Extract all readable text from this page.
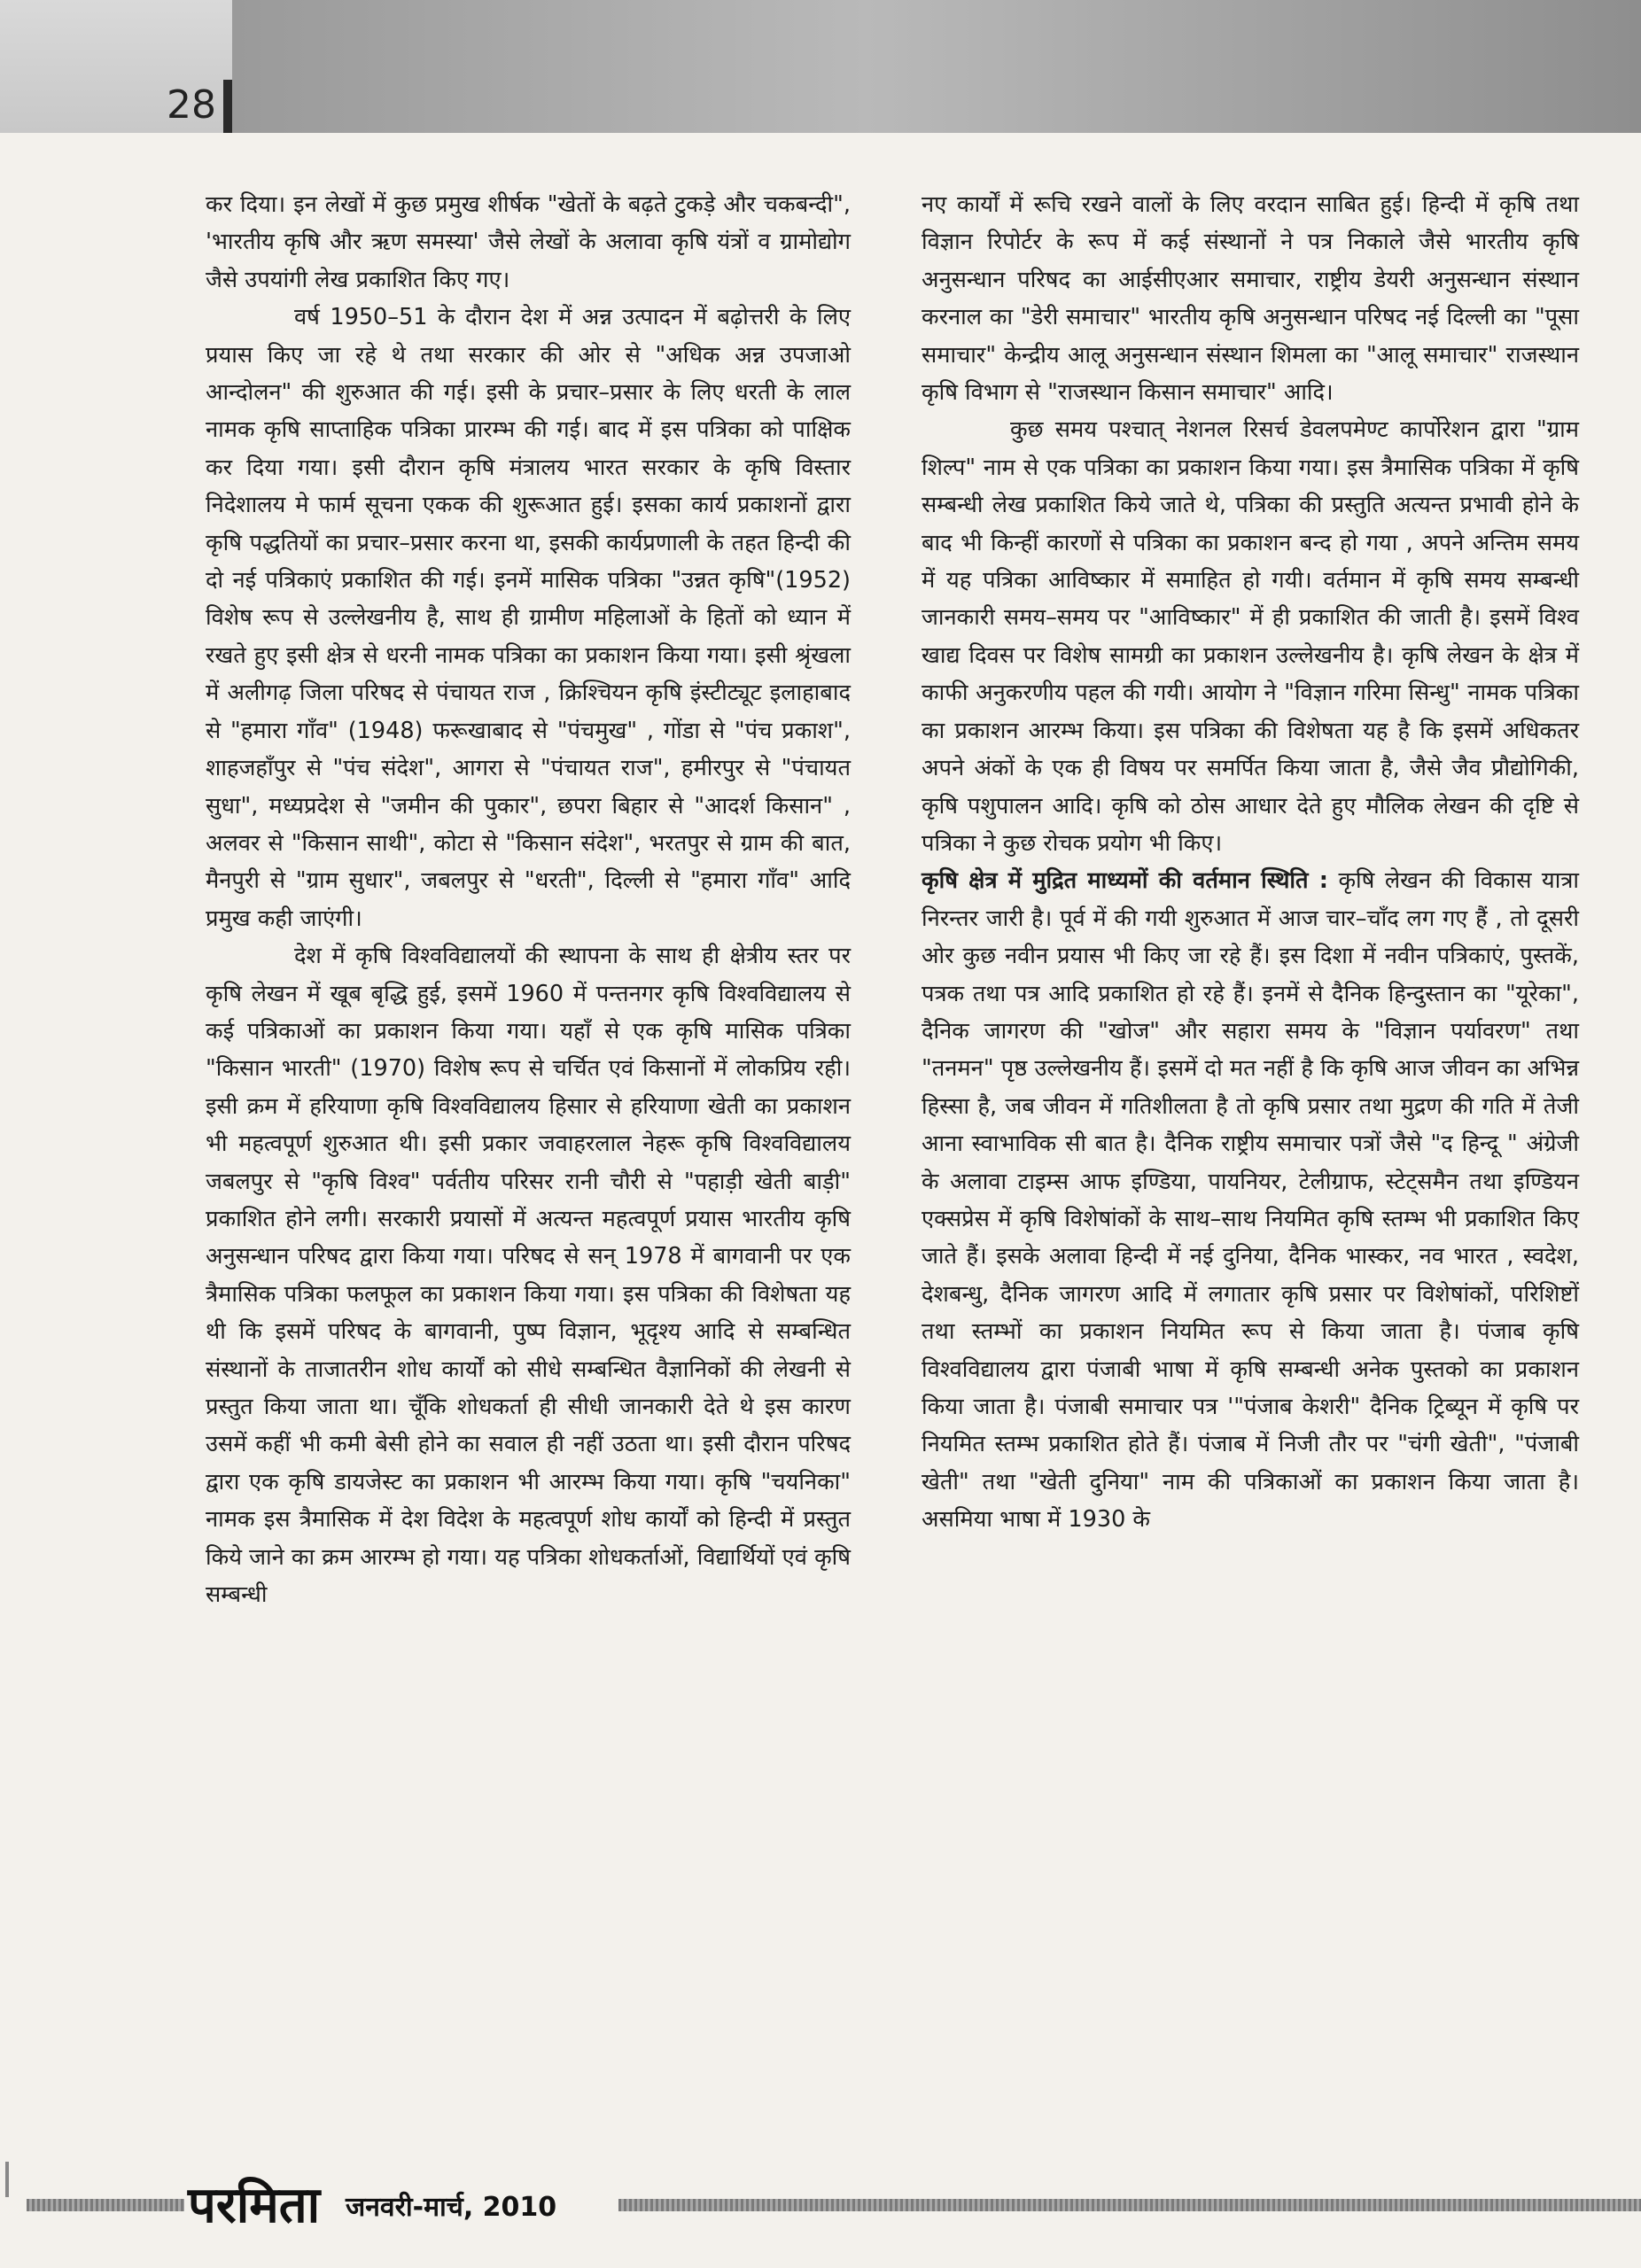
28

कर दिया। इन लेखों में कुछ प्रमुख शीर्षक "खेतों के बढ़ते टुकड़े और चकबन्दी", 'भारतीय कृषि और ऋण समस्या' जैसे लेखों के अलावा कृषि यंत्रों व ग्रामोद्योग जैसे उपयांगी लेख प्रकाशित किए गए।

वर्ष 1950–51 के दौरान देश में अन्न उत्पादन में बढ़ोत्तरी के लिए प्रयास किए जा रहे थे तथा सरकार की ओर से "अधिक अन्न उपजाओ आन्दोलन" की शुरुआत की गई। इसी के प्रचार–प्रसार के लिए धरती के लाल नामक कृषि साप्ताहिक पत्रिका प्रारम्भ की गई। बाद में इस पत्रिका को पाक्षिक कर दिया गया। इसी दौरान कृषि मंत्रालय भारत सरकार के कृषि विस्तार निदेशालय मे फार्म सूचना एकक की शुरूआत हुई। इसका कार्य प्रकाशनों द्वारा कृषि पद्धतियों का प्रचार–प्रसार करना था, इसकी कार्यप्रणाली के तहत हिन्दी की दो नई पत्रिकाएं प्रकाशित की गई। इनमें मासिक पत्रिका "उन्नत कृषि"(1952) विशेष रूप से उल्लेखनीय है, साथ ही ग्रामीण महिलाओं के हितों को ध्यान में रखते हुए इसी क्षेत्र से धरनी नामक पत्रिका का प्रकाशन किया गया। इसी श्रृंखला में अलीगढ़ जिला परिषद से पंचायत राज , क्रिश्चियन कृषि इंस्टीट्यूट इलाहाबाद से "हमारा गाँव" (1948) फरूखाबाद से "पंचमुख" , गोंडा से "पंच प्रकाश", शाहजहाँपुर से "पंच संदेश", आगरा से "पंचायत राज", हमीरपुर से "पंचायत सुधा", मध्यप्रदेश से "जमीन की पुकार", छपरा बिहार से "आदर्श किसान" , अलवर से "किसान साथी", कोटा से "किसान संदेश", भरतपुर से ग्राम की बात, मैनपुरी से "ग्राम सुधार", जबलपुर से "धरती", दिल्ली से "हमारा गाँव" आदि प्रमुख कही जाएंगी।

देश में कृषि विश्वविद्यालयों की स्थापना के साथ ही क्षेत्रीय स्तर पर कृषि लेखन में खूब बृद्धि हुई, इसमें 1960 में पन्तनगर कृषि विश्वविद्यालय से कई पत्रिकाओं का प्रकाशन किया गया। यहाँ से एक कृषि मासिक पत्रिका "किसान भारती" (1970) विशेष रूप से चर्चित एवं किसानों में लोकप्रिय रही। इसी क्रम में हरियाणा कृषि विश्वविद्यालय हिसार से हरियाणा खेती का प्रकाशन भी महत्वपूर्ण शुरुआत थी। इसी प्रकार जवाहरलाल नेहरू कृषि विश्वविद्यालय जबलपुर से "कृषि विश्व" पर्वतीय परिसर रानी चौरी से "पहाड़ी खेती बाड़ी" प्रकाशित होने लगी। सरकारी प्रयासों में अत्यन्त महत्वपूर्ण प्रयास भारतीय कृषि अनुसन्धान परिषद द्वारा किया गया। परिषद से सन् 1978 में बागवानी पर एक त्रैमासिक पत्रिका फलफूल का प्रकाशन किया गया। इस पत्रिका की विशेषता यह थी कि इसमें परिषद के बागवानी, पुष्प विज्ञान, भूदृश्य आदि से सम्बन्धित संस्थानों के ताजातरीन शोध कार्यों को सीधे सम्बन्धित वैज्ञानिकों की लेखनी से प्रस्तुत किया जाता था। चूँकि शोधकर्ता ही सीधी जानकारी देते थे इस कारण उसमें कहीं भी कमी बेसी होने का सवाल ही नहीं उठता था। इसी दौरान परिषद द्वारा एक कृषि डायजेस्ट का प्रकाशन भी आरम्भ किया गया। कृषि "चयनिका" नामक इस त्रैमासिक में देश विदेश के महत्वपूर्ण शोध कार्यों को हिन्दी में प्रस्तुत किये जाने का क्रम आरम्भ हो गया। यह पत्रिका शोधकर्ताओं, विद्यार्थियों एवं कृषि सम्बन्धी

नए कार्यों में रूचि रखने वालों के लिए वरदान साबित हुई। हिन्दी में कृषि तथा विज्ञान रिपोर्टर के रूप में कई संस्थानों ने पत्र निकाले जैसे भारतीय कृषि अनुसन्धान परिषद का आईसीएआर समाचार, राष्ट्रीय डेयरी अनुसन्धान संस्थान करनाल का "डेरी समाचार" भारतीय कृषि अनुसन्धान परिषद नई दिल्ली का "पूसा समाचार" केन्द्रीय आलू अनुसन्धान संस्थान शिमला का "आलू समाचार" राजस्थान कृषि विभाग से "राजस्थान किसान समाचार" आदि।

कुछ समय पश्चात् नेशनल रिसर्च डेवलपमेण्ट कार्पोरेशन द्वारा "ग्राम शिल्प" नाम से एक पत्रिका का प्रकाशन किया गया। इस त्रैमासिक पत्रिका में कृषि सम्बन्धी लेख प्रकाशित किये जाते थे, पत्रिका की प्रस्तुति अत्यन्त प्रभावी होने के बाद भी किन्हीं कारणों से पत्रिका का प्रकाशन बन्द हो गया , अपने अन्तिम समय में यह पत्रिका आविष्कार में समाहित हो गयी। वर्तमान में कृषि समय सम्बन्धी जानकारी समय–समय पर "आविष्कार" में ही प्रकाशित की जाती है। इसमें विश्व खाद्य दिवस पर विशेष सामग्री का प्रकाशन उल्लेखनीय है। कृषि लेखन के क्षेत्र में काफी अनुकरणीय पहल की गयी। आयोग ने "विज्ञान गरिमा सिन्धु" नामक पत्रिका का प्रकाशन आरम्भ किया। इस पत्रिका की विशेषता यह है कि इसमें अधिकतर अपने अंकों के एक ही विषय पर समर्पित किया जाता है, जैसे जैव प्रौद्योगिकी, कृषि पशुपालन आदि। कृषि को ठोस आधार देते हुए मौलिक लेखन की दृष्टि से पत्रिका ने कुछ रोचक प्रयोग भी किए।

कृषि क्षेत्र में मुद्रित माध्यमों की वर्तमान स्थिति : कृषि लेखन की विकास यात्रा निरन्तर जारी है। पूर्व में की गयी शुरुआत में आज चार–चाँद लग गए हैं , तो दूसरी ओर कुछ नवीन प्रयास भी किए जा रहे हैं। इस दिशा में नवीन पत्रिकाएं, पुस्तकें, पत्रक तथा पत्र आदि प्रकाशित हो रहे हैं। इनमें से दैनिक हिन्दुस्तान का "यूरेका", दैनिक जागरण की "खोज" और सहारा समय के "विज्ञान पर्यावरण" तथा "तनमन" पृष्ठ उल्लेखनीय हैं। इसमें दो मत नहीं है कि कृषि आज जीवन का अभिन्न हिस्सा है, जब जीवन में गतिशीलता है तो कृषि प्रसार तथा मुद्रण की गति में तेजी आना स्वाभाविक सी बात है। दैनिक राष्ट्रीय समाचार पत्रों जैसे "द हिन्दू " अंग्रेजी के अलावा टाइम्स आफ इण्डिया, पायनियर, टेलीग्राफ, स्टेट्समैन तथा इण्डियन एक्सप्रेस में कृषि विशेषांकों के साथ–साथ नियमित कृषि स्तम्भ भी प्रकाशित किए जाते हैं। इसके अलावा हिन्दी में नई दुनिया, दैनिक भास्कर, नव भारत , स्वदेश, देशबन्धु, दैनिक जागरण आदि में लगातार कृषि प्रसार पर विशेषांकों, परिशिष्टों तथा स्तम्भों का प्रकाशन नियमित रूप से किया जाता है। पंजाब कृषि विश्वविद्यालय द्वारा पंजाबी भाषा में कृषि सम्बन्धी अनेक पुस्तको का प्रकाशन किया जाता है। पंजाबी समाचार पत्र '"पंजाब केशरी" दैनिक ट्रिब्यून में कृषि पर नियमित स्तम्भ प्रकाशित होते हैं। पंजाब में निजी तौर पर "चंगी खेती", "पंजाबी खेती" तथा "खेती दुनिया" नाम की पत्रिकाओं का प्रकाशन किया जाता है। असमिया भाषा में 1930 के

परमिता जनवरी-मार्च, 2010
